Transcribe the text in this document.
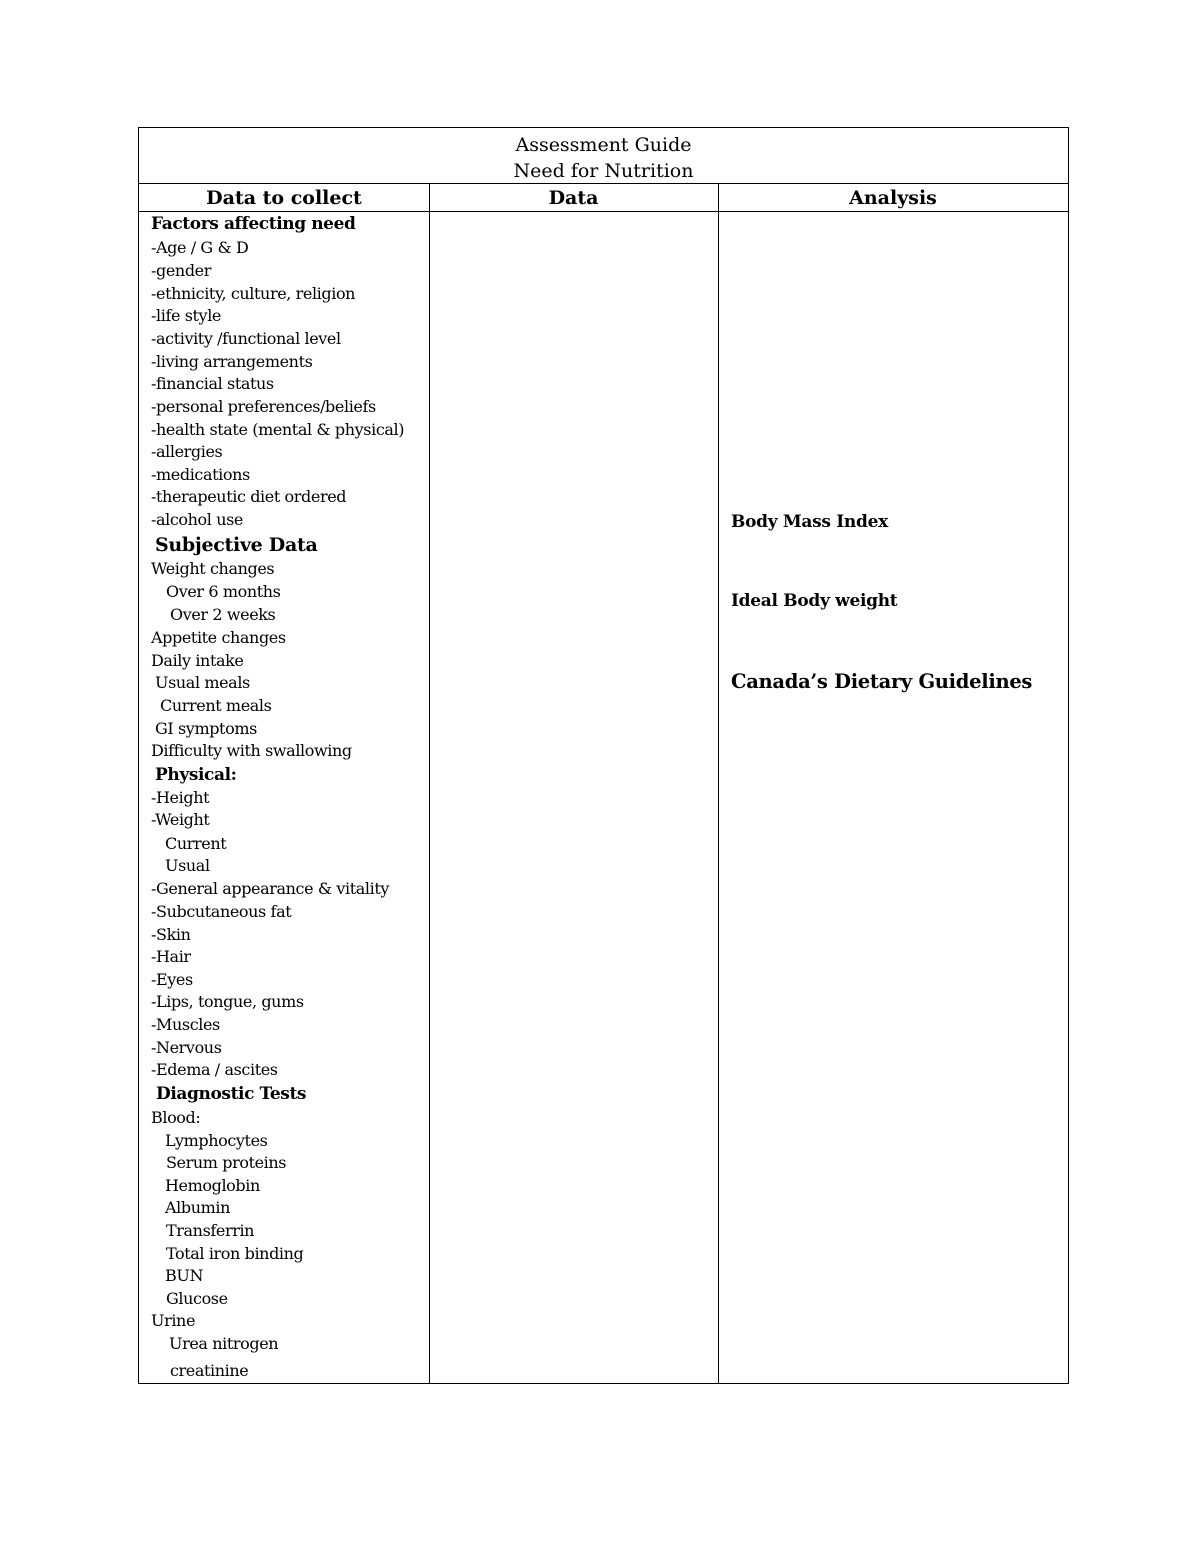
Assessment Guide
Need for Nutrition
Data to collect	Data	Analysis
Factors affecting need
-Age / G & D
-gender
-ethnicity, culture, religion
-life style
-activity /functional level
-living arrangements
-financial status
-personal preferences/beliefs
-health state (mental & physical)
-allergies
-medications
-therapeutic diet ordered
-alcohol use
Subjective Data
Weight changes
Over 6 months
Over 2 weeks
Appetite changes
Daily intake
Usual meals
Current meals
GI symptoms
Difficulty with swallowing
Physical:
-Height
-Weight
Current
Usual
-General appearance & vitality
-Subcutaneous fat
-Skin
-Hair
-Eyes
-Lips, tongue, gums
-Muscles
-Nervous
-Edema / ascites
Diagnostic Tests
Blood:
Lymphocytes
Serum proteins
Hemoglobin
Albumin
Transferrin
Total iron binding
BUN
Glucose
Urine
Urea nitrogen
creatinine
Body Mass Index
Ideal Body weight
Canada’s Dietary Guidelines
